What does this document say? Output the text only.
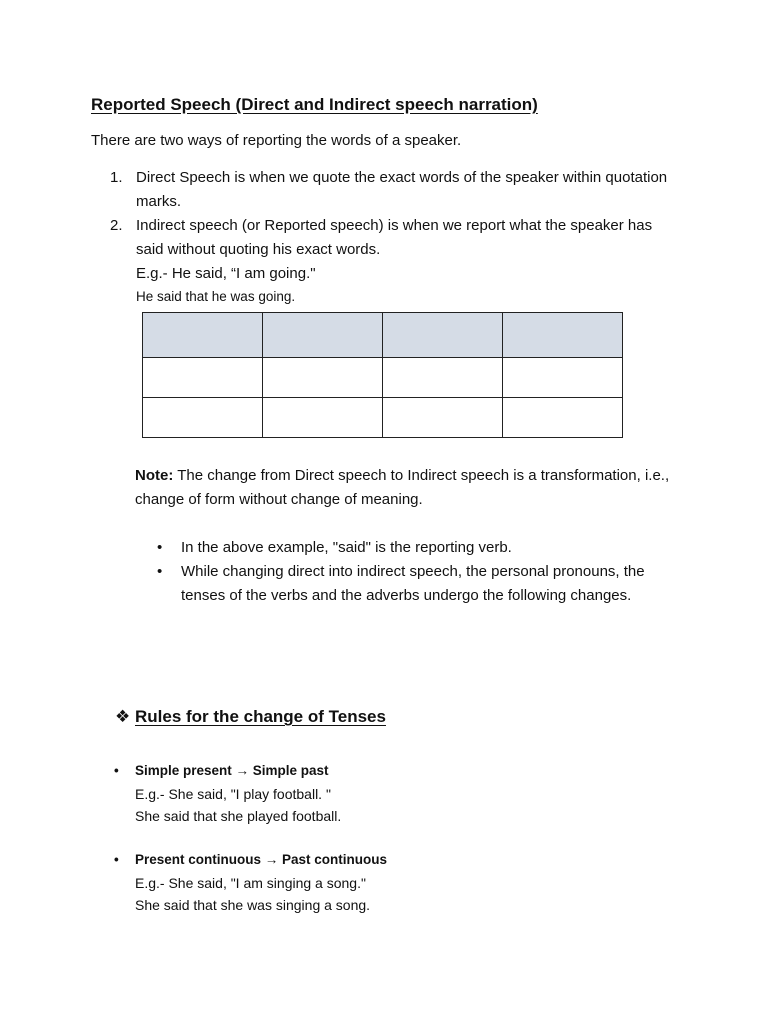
Reported Speech (Direct and Indirect speech narration)
There are two ways of reporting the words of a speaker.
1. Direct Speech is when we quote the exact words of the speaker within quotation marks.
2. Indirect speech (or Reported speech) is when we report what the speaker has said without quoting his exact words.
E.g.- He said, “I am going."
He said that he was going.

Note: The change from Direct speech to Indirect speech is a transformation, i.e., change of form without change of meaning.
• In the above example, "said" is the reporting verb.
• While changing direct into indirect speech, the personal pronouns, the tenses of the verbs and the adverbs undergo the following changes.
❖ Rules for the change of Tenses
• Simple present → Simple past
E.g.- She said, "I play football. "
She said that she played football.
• Present continuous → Past continuous
E.g.- She said, "I am singing a song."
She said that she was singing a song.
